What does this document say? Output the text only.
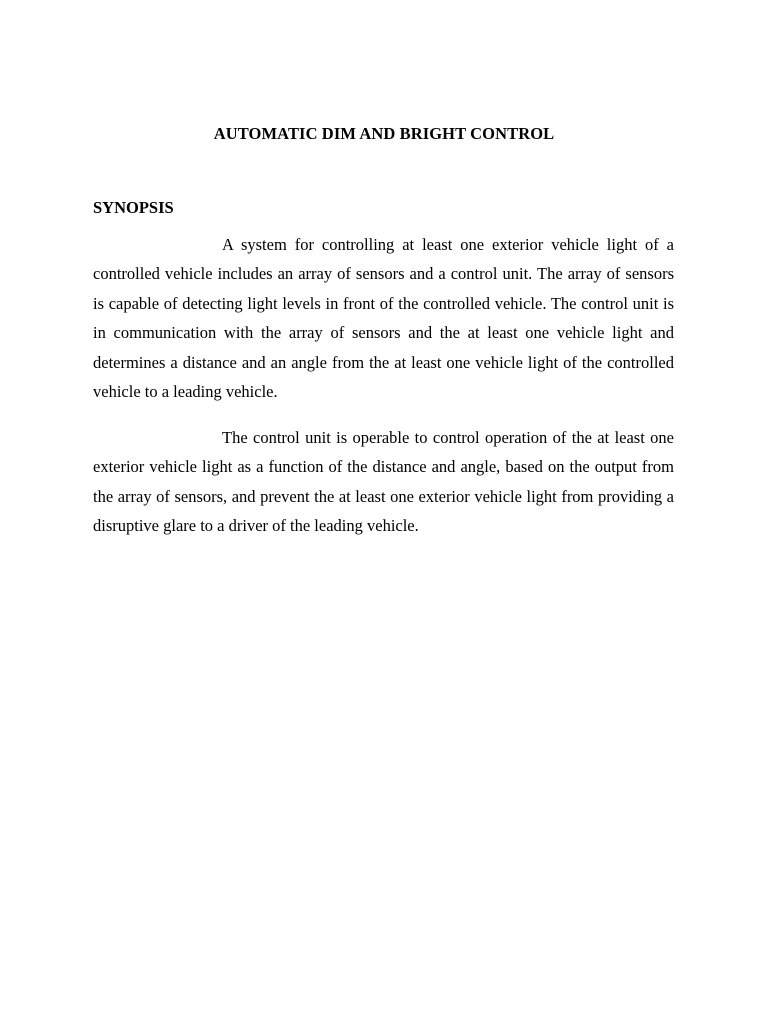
AUTOMATIC DIM AND BRIGHT CONTROL
SYNOPSIS

A system for controlling at least one exterior vehicle light of a controlled vehicle includes an array of sensors and a control unit. The array of sensors is capable of detecting light levels in front of the controlled vehicle. The control unit is in communication with the array of sensors and the at least one vehicle light and determines a distance and an angle from the at least one vehicle light of the controlled vehicle to a leading vehicle.

The control unit is operable to control operation of the at least one exterior vehicle light as a function of the distance and angle, based on the output from the array of sensors, and prevent the at least one exterior vehicle light from providing a disruptive glare to a driver of the leading vehicle.
